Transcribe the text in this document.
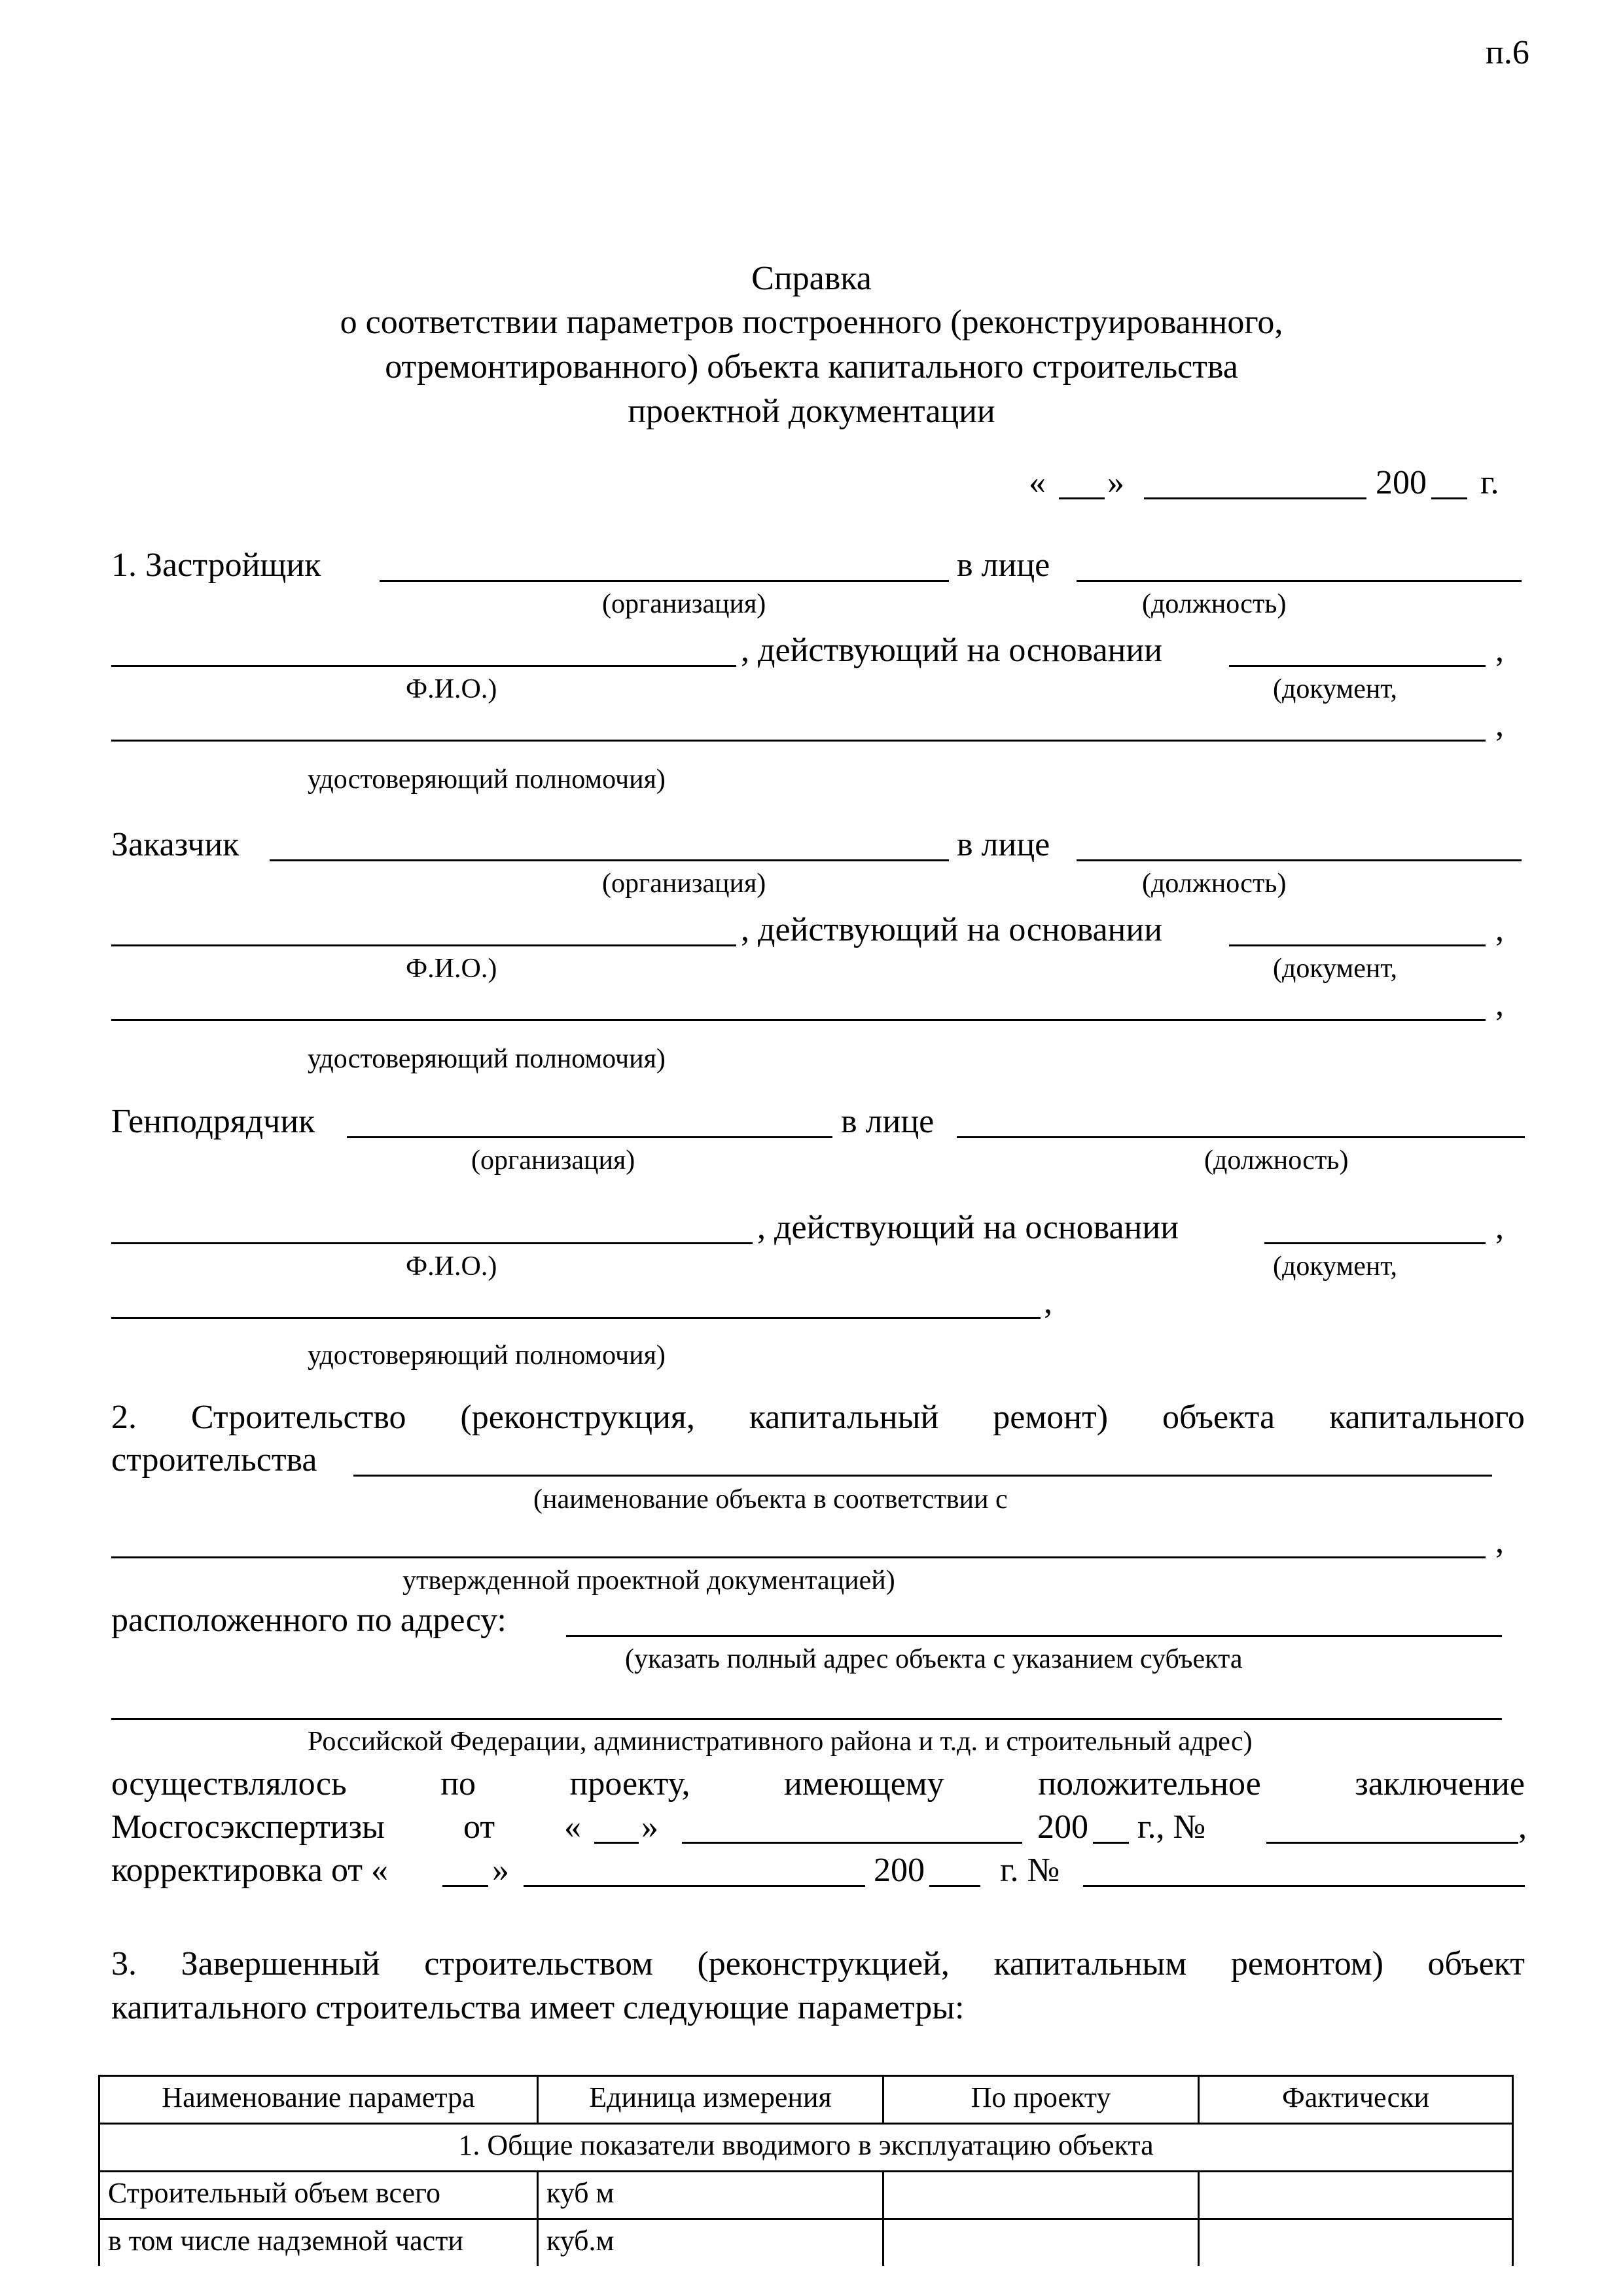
п.6
Справка
о соответствии параметров построенного (реконструированного,
отремонтированного) объекта капитального строительства
проектной документации
« »	200 г.
1. Застройщик	в лице
(организация)	(должность)
, действующий на основании	,
Ф.И.О.)	(документ,
,
удостоверяющий полномочия)
Заказчик	в лице
(организация)	(должность)
, действующий на основании	,
Ф.И.О.)	(документ,
,
удостоверяющий полномочия)
Генподрядчик	в лице
(организация)	(должность)
, действующий на основании	,
Ф.И.О.)	(документ,
,
удостоверяющий полномочия)
2. Строительство (реконструкция, капитальный ремонт) объекта капитального
строительства
(наименование объекта в соответствии с
,
утвержденной проектной документацией)
расположенного по адресу:
(указать полный адрес объекта с указанием субъекта
Российской Федерации, административного района и т.д. и строительный адрес)
осуществлялось	по	проекту,	имеющему	положительное	заключение
Мосгосэкспертизы от « »	200 г., №	,
корректировка от «	»	200 г. №
3. Завершенный строительством (реконструкцией, капитальным ремонтом) объект
капитального строительства имеет следующие параметры:
Наименование параметра	Единица измерения	По проекту	Фактически
1. Общие показатели вводимого в эксплуатацию объекта			
Строительный объем всего	куб м		
в том числе надземной части	куб.м		
